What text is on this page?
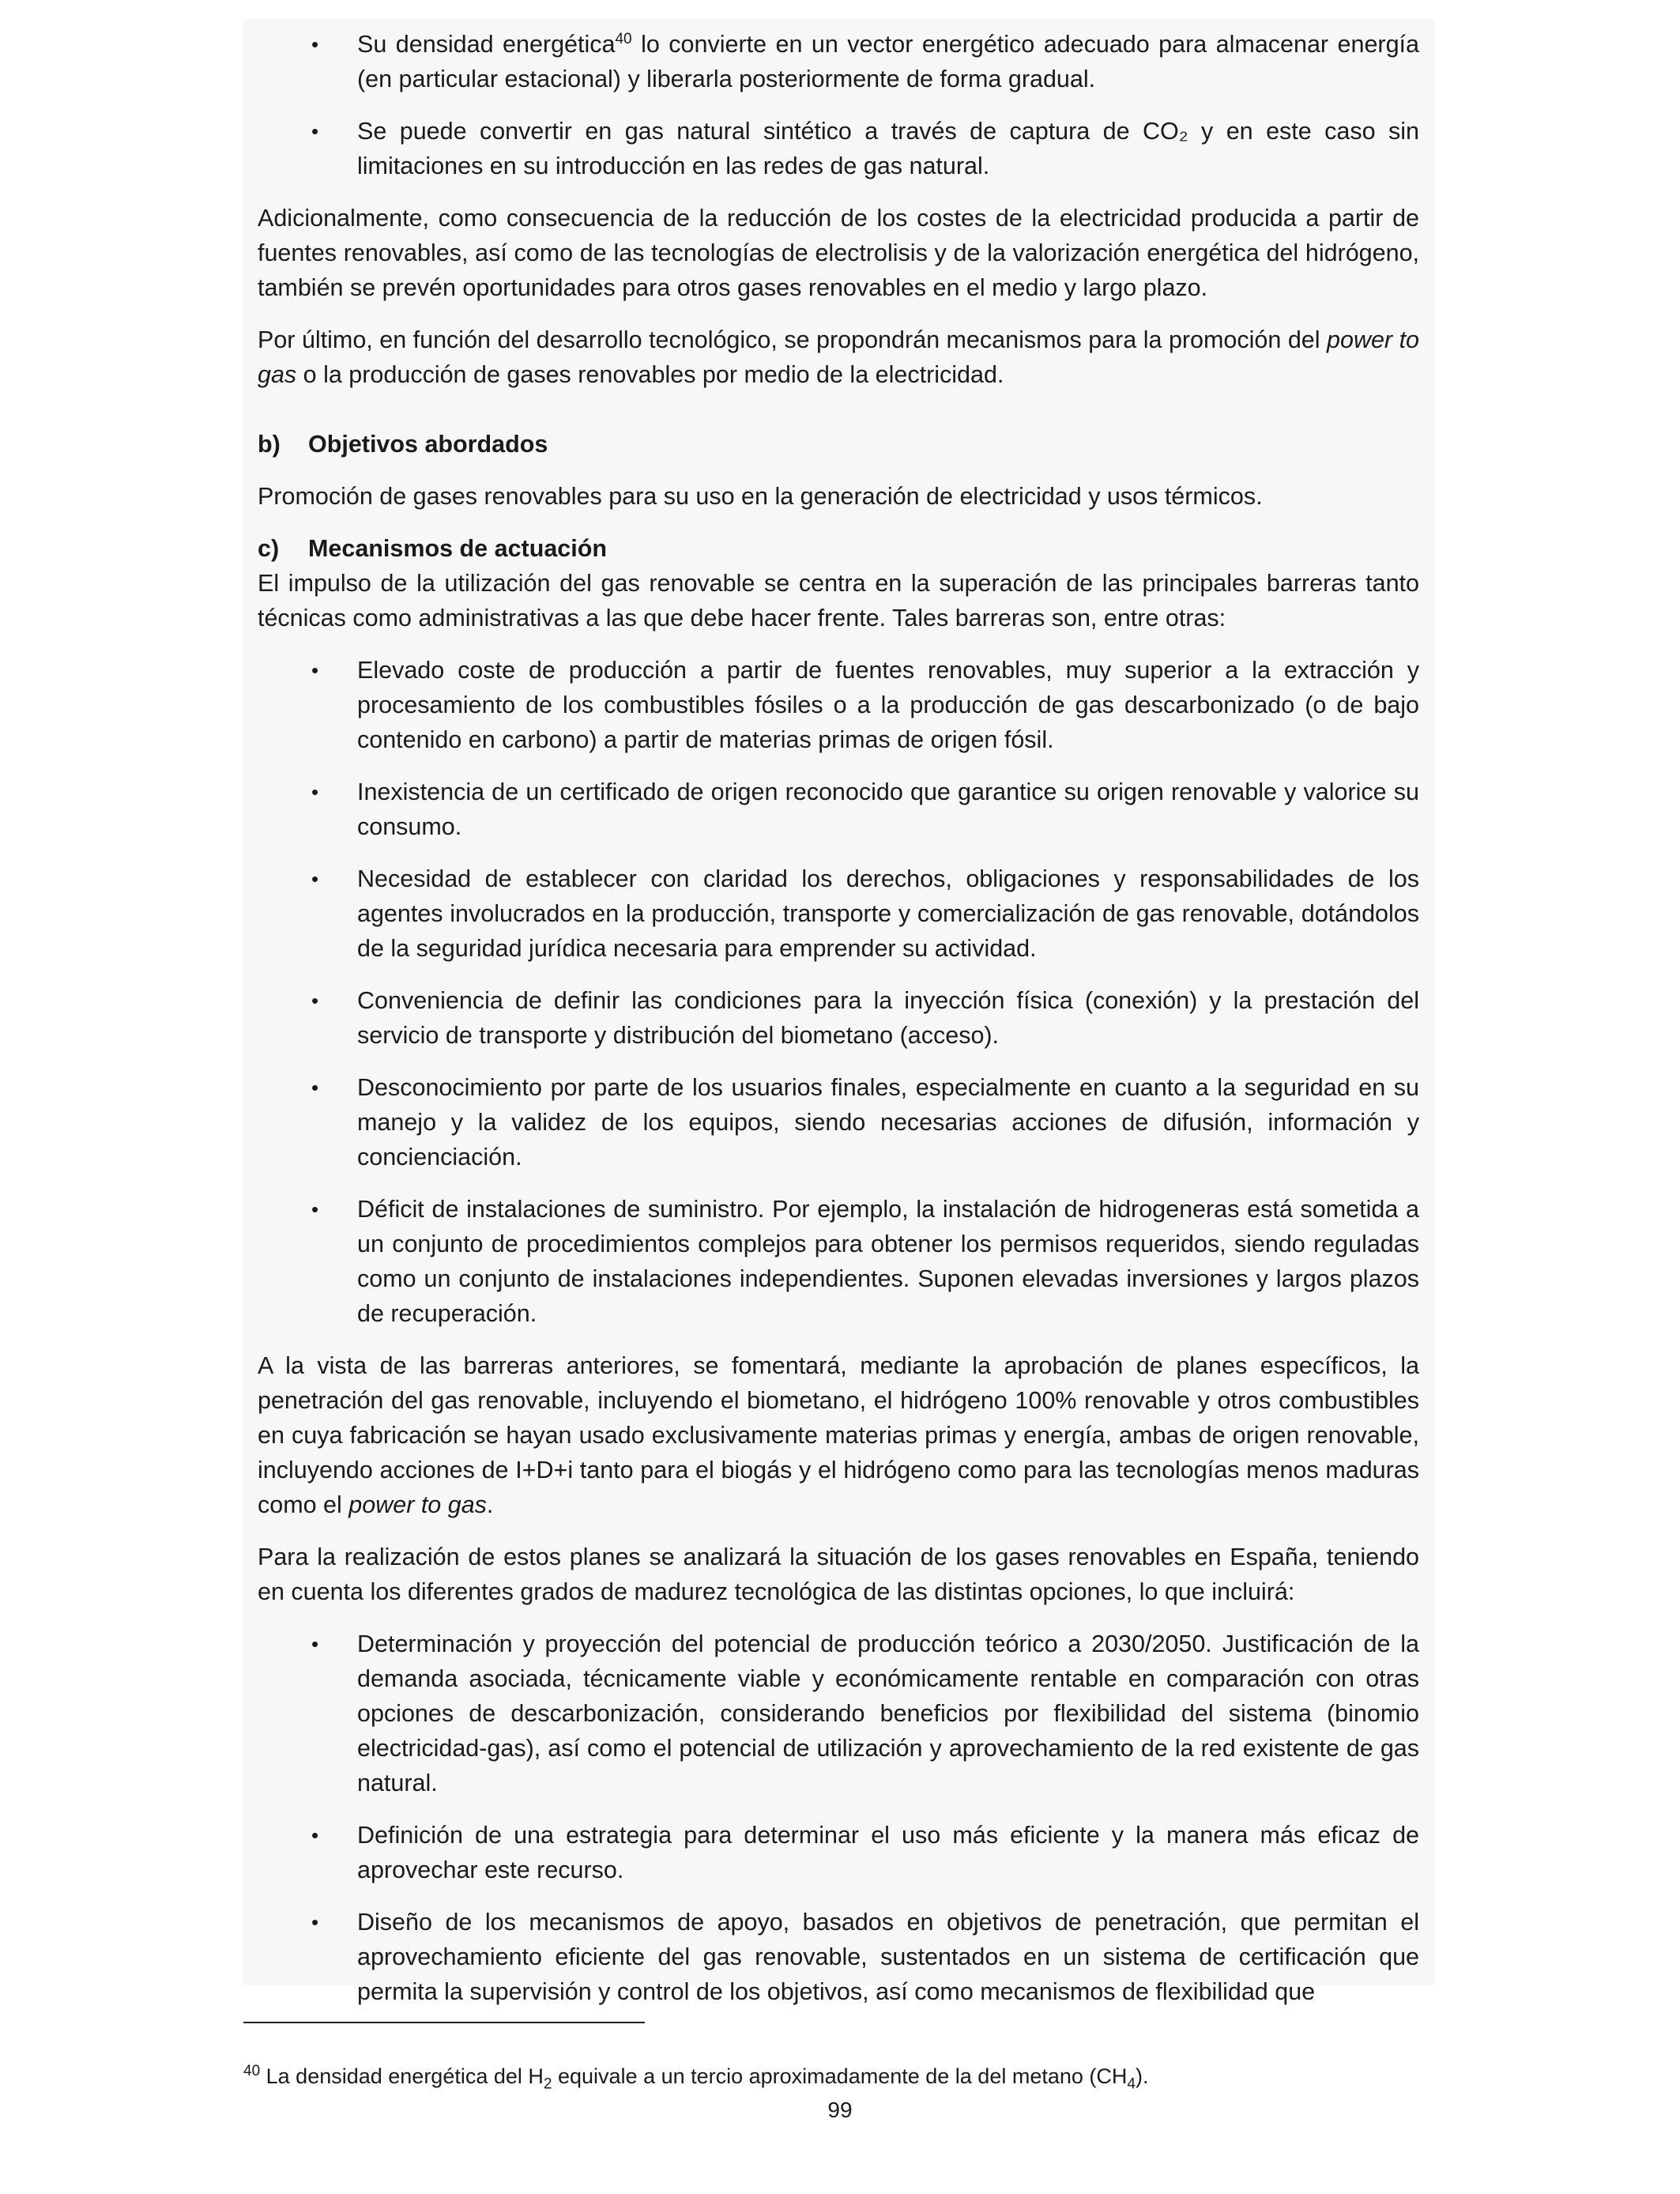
• Su densidad energética$^{40}$ lo convierte en un vector energético adecuado para almacenar energía (en particular estacional) y liberarla posteriormente de forma gradual.
• Se puede convertir en gas natural sintético a través de captura de CO₂ y en este caso sin limitaciones en su introducción en las redes de gas natural.

Adicionalmente, como consecuencia de la reducción de los costes de la electricidad producida a partir de fuentes renovables, así como de las tecnologías de electrolisis y de la valorización energética del hidrógeno, también se prevén oportunidades para otros gases renovables en el medio y largo plazo.

Por último, en función del desarrollo tecnológico, se propondrán mecanismos para la promoción del power to gas o la producción de gases renovables por medio de la electricidad.

b) Objetivos abordados

Promoción de gases renovables para su uso en la generación de electricidad y usos térmicos.

c) Mecanismos de actuación

El impulso de la utilización del gas renovable se centra en la superación de las principales barreras tanto técnicas como administrativas a las que debe hacer frente. Tales barreras son, entre otras:

• Elevado coste de producción a partir de fuentes renovables, muy superior a la extracción y procesamiento de los combustibles fósiles o a la producción de gas descarbonizado (o de bajo contenido en carbono) a partir de materias primas de origen fósil.
• Inexistencia de un certificado de origen reconocido que garantice su origen renovable y valorice su consumo.
• Necesidad de establecer con claridad los derechos, obligaciones y responsabilidades de los agentes involucrados en la producción, transporte y comercialización de gas renovable, dotándolos de la seguridad jurídica necesaria para emprender su actividad.
• Conveniencia de definir las condiciones para la inyección física (conexión) y la prestación del servicio de transporte y distribución del biometano (acceso).
• Desconocimiento por parte de los usuarios finales, especialmente en cuanto a la seguridad en su manejo y la validez de los equipos, siendo necesarias acciones de difusión, información y concienciación.
• Déficit de instalaciones de suministro. Por ejemplo, la instalación de hidrogeneras está sometida a un conjunto de procedimientos complejos para obtener los permisos requeridos, siendo reguladas como un conjunto de instalaciones independientes. Suponen elevadas inversiones y largos plazos de recuperación.

A la vista de las barreras anteriores, se fomentará, mediante la aprobación de planes específicos, la penetración del gas renovable, incluyendo el biometano, el hidrógeno 100% renovable y otros combustibles en cuya fabricación se hayan usado exclusivamente materias primas y energía, ambas de origen renovable, incluyendo acciones de I+D+i tanto para el biogás y el hidrógeno como para las tecnologías menos maduras como el power to gas.

Para la realización de estos planes se analizará la situación de los gases renovables en España, teniendo en cuenta los diferentes grados de madurez tecnológica de las distintas opciones, lo que incluirá:

• Determinación y proyección del potencial de producción teórico a 2030/2050. Justificación de la demanda asociada, técnicamente viable y económicamente rentable en comparación con otras opciones de descarbonización, considerando beneficios por flexibilidad del sistema (binomio electricidad-gas), así como el potencial de utilización y aprovechamiento de la red existente de gas natural.
• Definición de una estrategia para determinar el uso más eficiente y la manera más eficaz de aprovechar este recurso.
• Diseño de los mecanismos de apoyo, basados en objetivos de penetración, que permitan el aprovechamiento eficiente del gas renovable, sustentados en un sistema de certificación que permita la supervisión y control de los objetivos, así como mecanismos de flexibilidad que

$^{40}$ La densidad energética del $H_2$ equivale a un tercio aproximadamente de la del metano $(CH_4)$.

99
